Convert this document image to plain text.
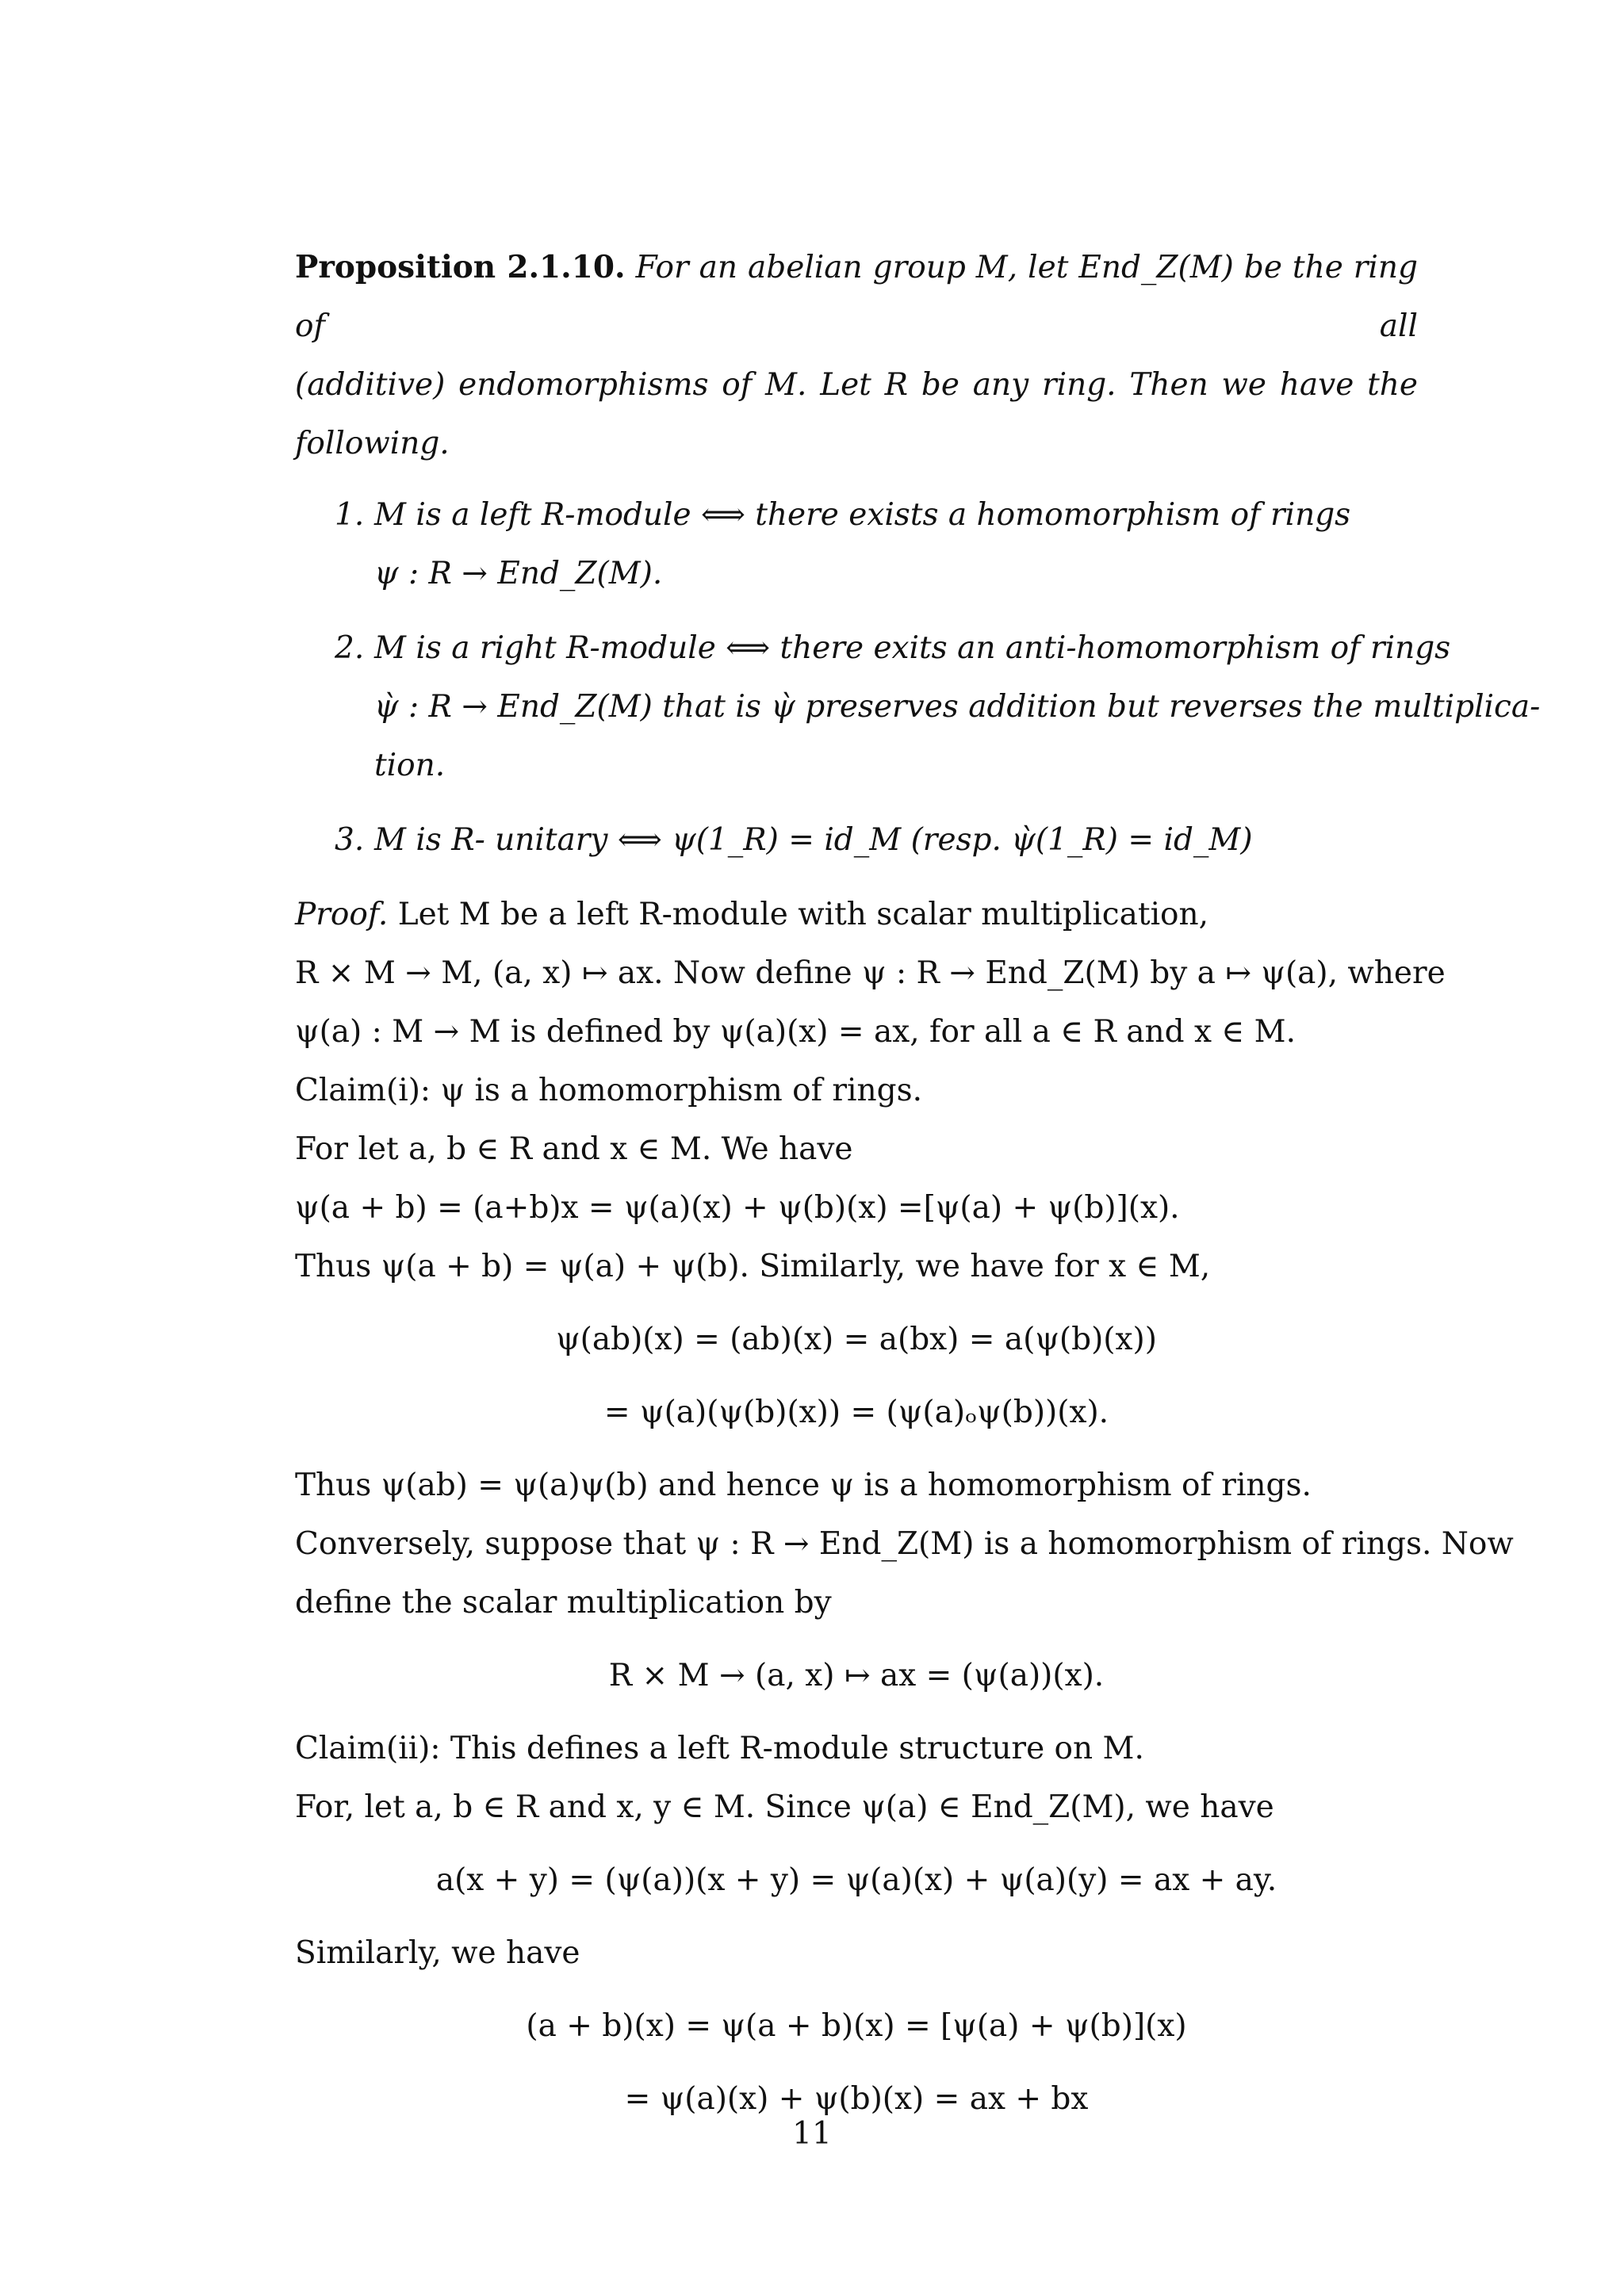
Proposition 2.1.10. For an abelian group M, let End_Z(M) be the ring of all
(additive) endomorphisms of M. Let R be any ring. Then we have the following.
1. M is a left R-module ⟺ there exists a homomorphism of rings
ψ : R → End_Z(M).
2. M is a right R-module ⟺ there exits an anti-homomorphism of rings
ψ̀ : R → End_Z(M) that is ψ̀ preserves addition but reverses the multiplica-
tion.
3. M is R- unitary ⟺ ψ(1_R) = id_M (resp. ψ̀(1_R) = id_M)
Proof. Let M be a left R-module with scalar multiplication,
R × M → M, (a, x) ↦ ax. Now define ψ : R → End_Z(M) by a ↦ ψ(a), where
ψ(a) : M → M is defined by ψ(a)(x) = ax, for all a ∈ R and x ∈ M.
Claim(i): ψ is a homomorphism of rings.
For let a, b ∈ R and x ∈ M. We have
ψ(a + b) = (a+b)x = ψ(a)(x) + ψ(b)(x) =[ψ(a) + ψ(b)](x).
Thus ψ(a + b) = ψ(a) + ψ(b). Similarly, we have for x ∈ M,
ψ(ab)(x) = (ab)(x) = a(bx) = a(ψ(b)(x))
= ψ(a)(ψ(b)(x)) = (ψ(a)ₒψ(b))(x).
Thus ψ(ab) = ψ(a)ψ(b) and hence ψ is a homomorphism of rings.
Conversely, suppose that ψ : R → End_Z(M) is a homomorphism of rings. Now
define the scalar multiplication by
R × M → (a, x) ↦ ax = (ψ(a))(x).
Claim(ii): This defines a left R-module structure on M.
For, let a, b ∈ R and x, y ∈ M. Since ψ(a) ∈ End_Z(M), we have
a(x + y) = (ψ(a))(x + y) = ψ(a)(x) + ψ(a)(y) = ax + ay.
Similarly, we have
(a + b)(x) = ψ(a + b)(x) = [ψ(a) + ψ(b)](x)
= ψ(a)(x) + ψ(b)(x) = ax + bx
11
